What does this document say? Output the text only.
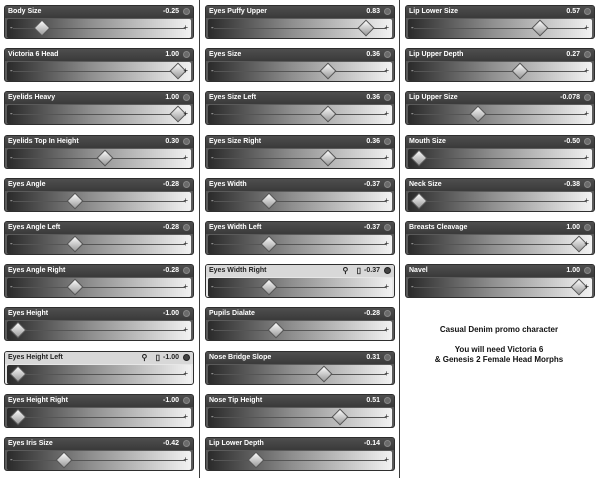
Body Size	-0.25
-	+
Victoria 6 Head	1.00
-	+
Eyelids Heavy	1.00
-	+
Eyelids Top In Height	0.30
-	+
Eyes Angle	-0.28
-	+
Eyes Angle Left	-0.28
-	+
Eyes Angle Right	-0.28
-	+
Eyes Height	-1.00
+
Eyes Height Left	⚲ ▯ -1.00
+
Eyes Height Right	-1.00
+
Eyes Iris Size	-0.42
-	+
Eyes Puffy Upper	0.83
-	+
Eyes Size	0.36
-	+
Eyes Size Left	0.36
-	+
Eyes Size Right	0.36
-	+
Eyes Width	-0.37
-	+
Eyes Width Left	-0.37
-	+
Eyes Width Right	⚲ ▯ -0.37
-	+
Pupils Dialate	-0.28
-	+
Nose Bridge Slope	0.31
-	+
Nose Tip Height	0.51
-	+
Lip Lower Depth	-0.14
-	+
Lip Lower Size	0.57
-	+
Lip Upper Depth	0.27
-	+
Lip Upper Size	-0.078
-	+
Mouth Size	-0.50
+
Neck Size	-0.38
+
Breasts Cleavage	1.00
-	+
Navel	1.00
-	+
Casual Denim promo character
You will need Victoria 6
& Genesis 2 Female Head Morphs
